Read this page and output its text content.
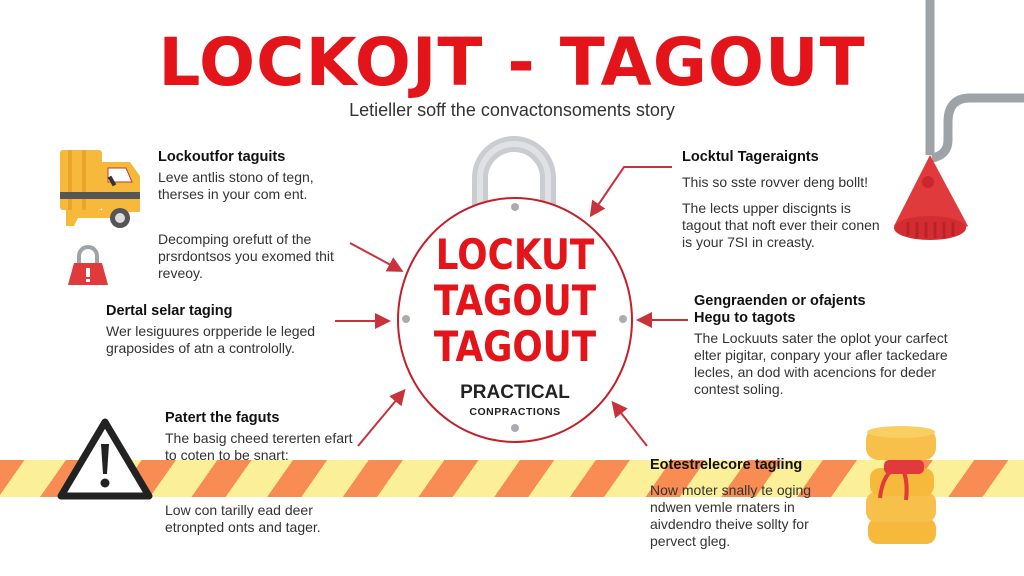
LOCKOJT - TAGOUT
Letieller soff the convactonsoments story
LOCKUT
TAGOUT
TAGOUT
PRACTICAL
CONPRACTIONS
Lockoutfor taguits

Leve antlis stono of tegn, therses in your com ent.

Decomping orefutt of the prsrdontsos you exomed thit reveoy.

Dertal selar taging

Wer lesiguures orpperide le leged graposides of atn a contrololly.

Patert the faguts

The basig cheed tererten efart to coten to be snart:

Low con tarilly ead deer etronpted onts and tager.

Locktul Tageraignts

This so sste rovver deng bollt!

The lects upper discignts is tagout that noft ever their conen is your 7SI in creasty.

Gengraenden or ofajents Hegu to tagots

The Lockuuts sater the oplot your carfect elter pigitar, conpary your afler tackedare lecles, an dod with acencions for deder contest soling.

Eotestrelecore tagiing

Now moter snally te oging ndwen vemle rnaters in aivdendro theive sollty for pervect gleg.
